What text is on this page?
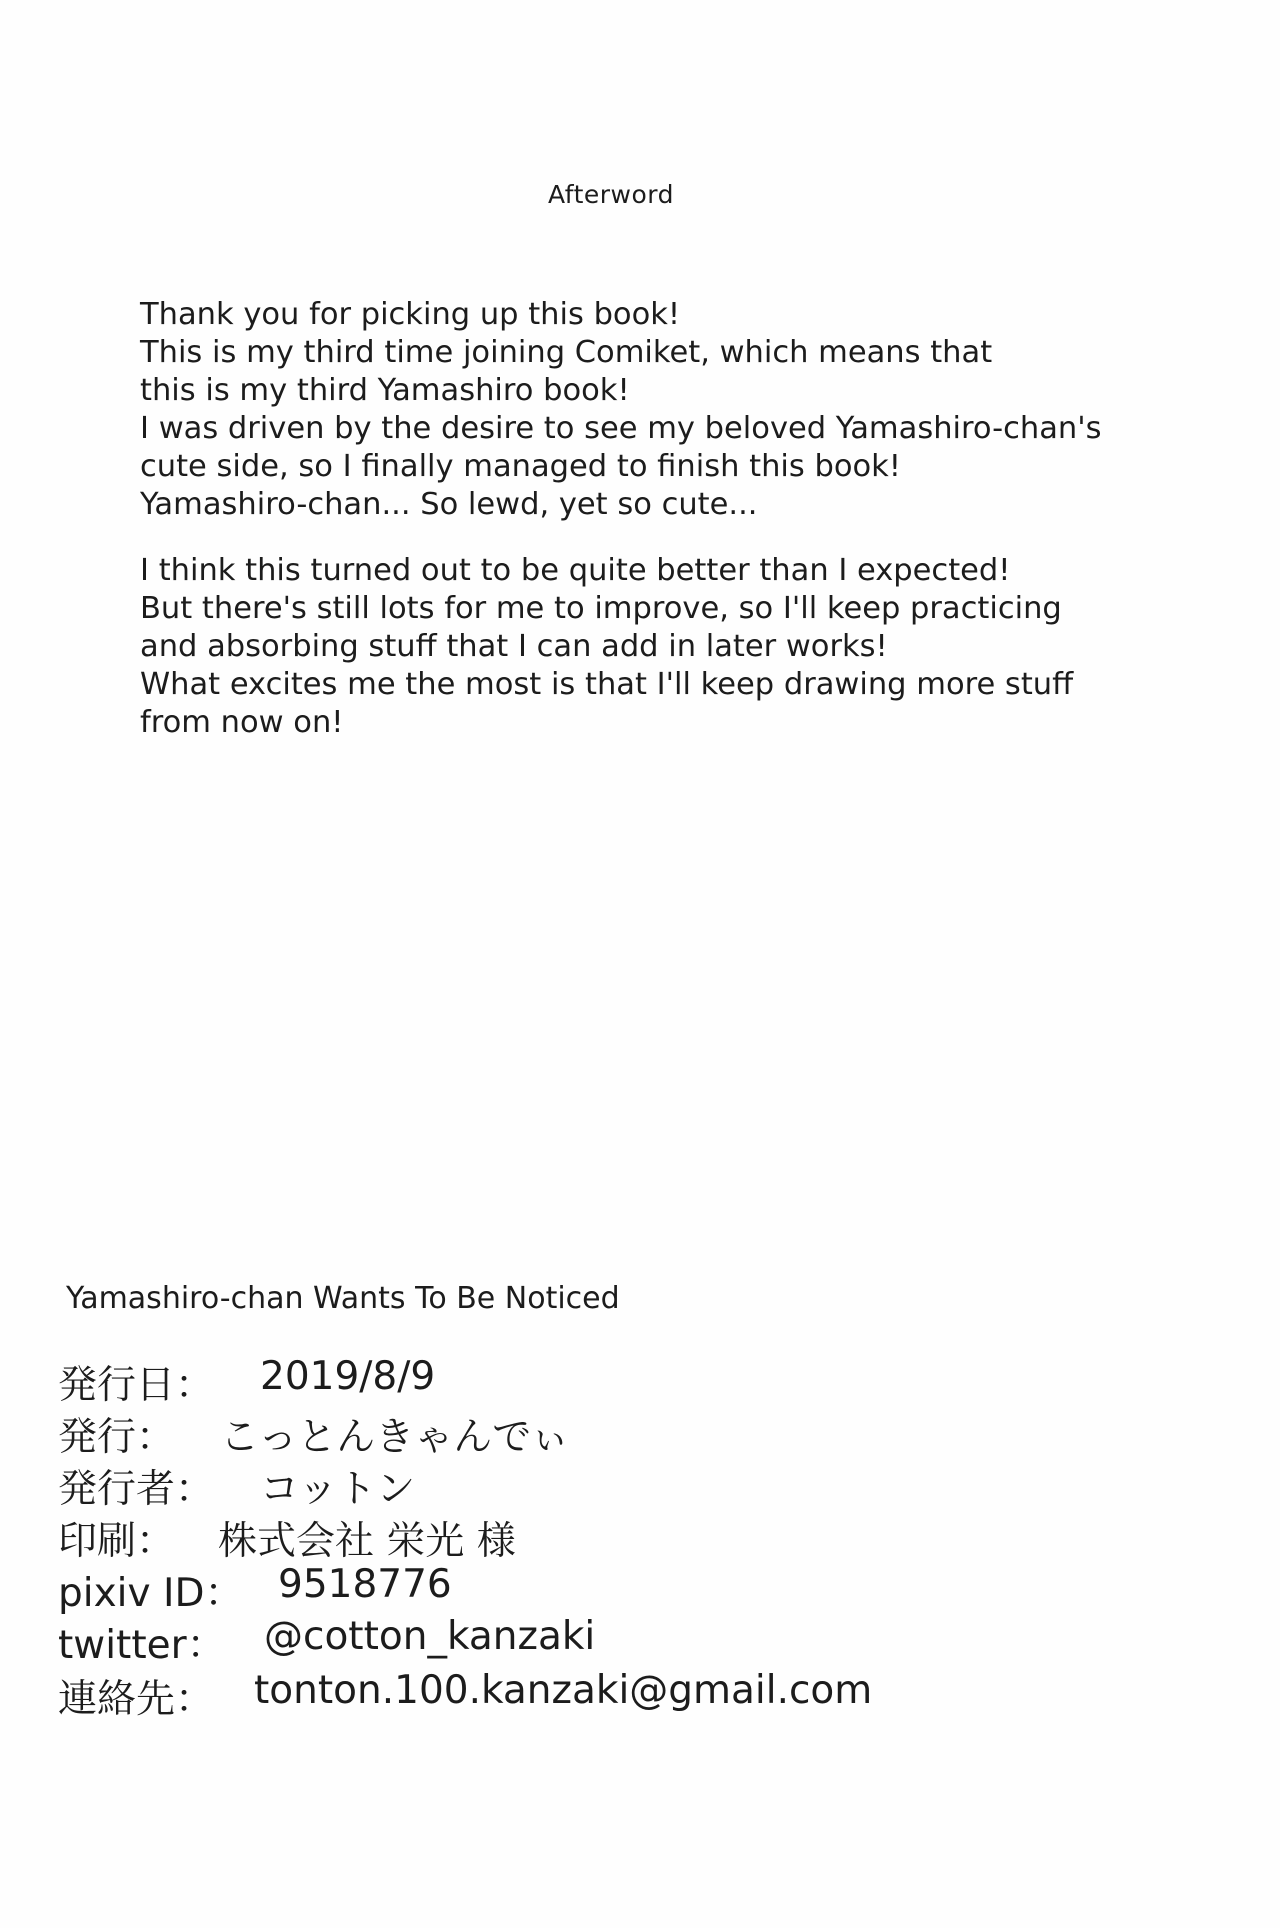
Afterword
Thank you for picking up this book!
This is my third time joining Comiket, which means that
this is my third Yamashiro book!
I was driven by the desire to see my beloved Yamashiro-chan's
cute side, so I finally managed to finish this book!
Yamashiro-chan... So lewd, yet so cute...
I think this turned out to be quite better than I expected!
But there's still lots for me to improve, so I'll keep practicing
and absorbing stuff that I can add in later works!
What excites me the most is that I'll keep drawing more stuff
from now on!
Yamashiro-chan Wants To Be Noticed
発行日： 2019/8/9
発行： こっとんきゃんでぃ
発行者： コットン
印刷： 株式会社 栄光 様
pixiv ID： 9518776
twitter： @cotton_kanzaki
連絡先： tonton.100.kanzaki@gmail.com
